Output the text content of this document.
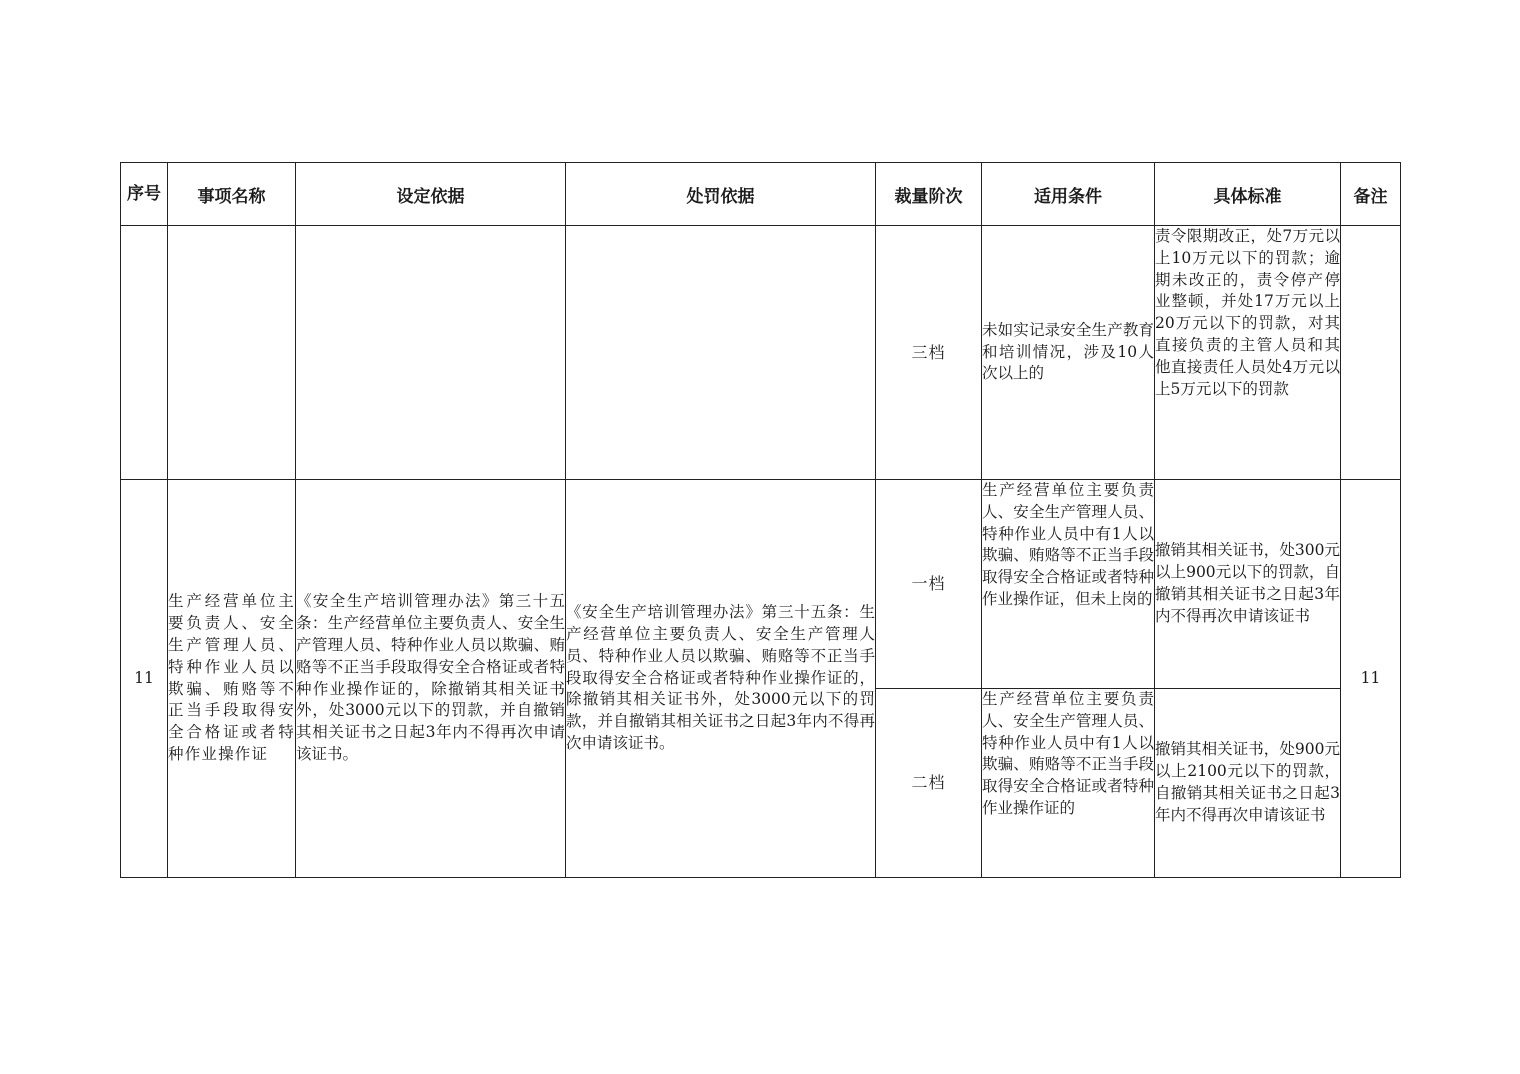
序号	事项名称	设定依据	处罚依据	裁量阶次	适用条件	具体标准	备注
				三档	未如实记录安全生产教育和培训情况，涉及10人次以上的	责令限期改正，处7万元以上10万元以下的罚款；逾期未改正的，责令停产停业整顿，并处17万元以上20万元以下的罚款，对其直接负责的主管人员和其他直接责任人员处4万元以上5万元以下的罚款	
11	生产经营单位主要负责人、安全生产管理人员、特种作业人员以欺骗、贿赂等不正当手段取得安全合格证或者特种作业操作证	《安全生产培训管理办法》第三十五条：生产经营单位主要负责人、安全生产管理人员、特种作业人员以欺骗、贿赂等不正当手段取得安全合格证或者特种作业操作证的，除撤销其相关证书外，处3000元以下的罚款，并自撤销其相关证书之日起3年内不得再次申请该证书。	《安全生产培训管理办法》第三十五条：生产经营单位主要负责人、安全生产管理人员、特种作业人员以欺骗、贿赂等不正当手段取得安全合格证或者特种作业操作证的，除撤销其相关证书外，处3000元以下的罚款，并自撤销其相关证书之日起3年内不得再次申请该证书。	一档	生产经营单位主要负责人、安全生产管理人员、特种作业人员中有1人以欺骗、贿赂等不正当手段取得安全合格证或者特种作业操作证，但未上岗的	撤销其相关证书，处300元以上900元以下的罚款，自撤销其相关证书之日起3年内不得再次申请该证书	11
				二档	生产经营单位主要负责人、安全生产管理人员、特种作业人员中有1人以欺骗、贿赂等不正当手段取得安全合格证或者特种作业操作证的	撤销其相关证书，处900元以上2100元以下的罚款，自撤销其相关证书之日起3年内不得再次申请该证书	
